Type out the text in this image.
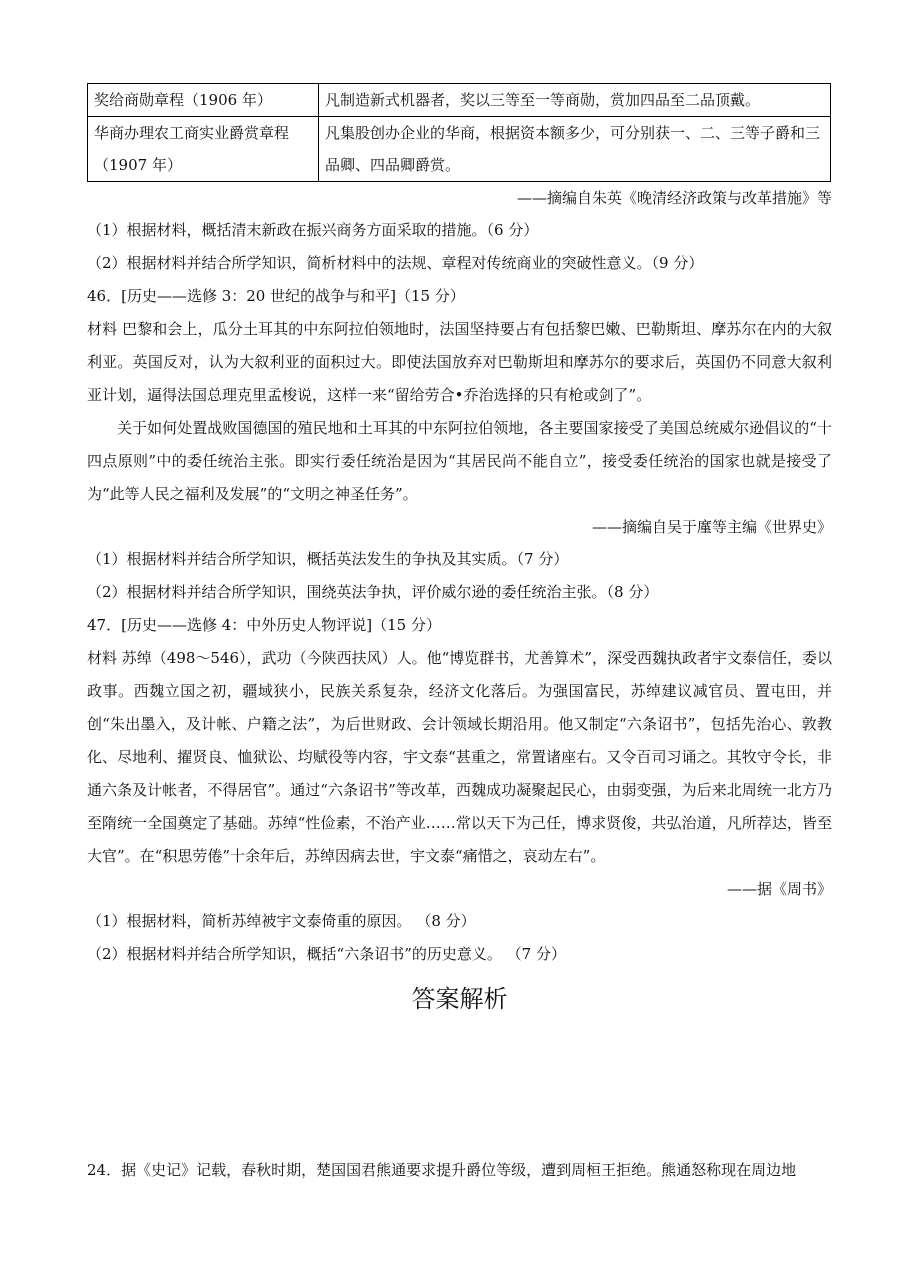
奖给商勋章程（1906 年）	凡制造新式机器者，奖以三等至一等商勋，赏加四品至二品顶戴。
华商办理农工商实业爵赏章程（1907 年）	凡集股创办企业的华商，根据资本额多少，可分别获一、二、三等子爵和三品卿、四品卿爵赏。
——摘编自朱英《晚清经济政策与改革措施》等
（1）根据材料，概括清末新政在振兴商务方面采取的措施。（6 分）
（2）根据材料并结合所学知识，简析材料中的法规、章程对传统商业的突破性意义。（9 分）
46．[历史——选修 3：20 世纪的战争与和平]（15 分）

材料 巴黎和会上，瓜分土耳其的中东阿拉伯领地时，法国坚持要占有包括黎巴嫩、巴勒斯坦、摩苏尔在内的大叙利亚。英国反对，认为大叙利亚的面积过大。即使法国放弃对巴勒斯坦和摩苏尔的要求后，英国仍不同意大叙利亚计划，逼得法国总理克里孟梭说，这样一来“留给劳合•乔治选择的只有枪或剑了”。

关于如何处置战败国德国的殖民地和土耳其的中东阿拉伯领地，各主要国家接受了美国总统威尔逊倡议的“十四点原则”中的委任统治主张。即实行委任统治是因为“其居民尚不能自立”，接受委任统治的国家也就是接受了为“此等人民之福利及发展”的“文明之神圣任务”。

——摘编自吴于廑等主编《世界史》
（1）根据材料并结合所学知识，概括英法发生的争执及其实质。（7 分）
（2）根据材料并结合所学知识，围绕英法争执，评价威尔逊的委任统治主张。（8 分）
47．[历史——选修 4：中外历史人物评说]（15 分）

材料 苏绰（498～546），武功（今陕西扶风）人。他“博览群书，尤善算术”，深受西魏执政者宇文泰信任，委以政事。西魏立国之初，疆域狭小，民族关系复杂，经济文化落后。为强国富民，苏绰建议减官员、置屯田，并创“朱出墨入，及计帐、户籍之法”，为后世财政、会计领域长期沿用。他又制定“六条诏书”，包括先治心、敦教化、尽地利、擢贤良、恤狱讼、均赋役等内容，宇文泰“甚重之，常置诸座右。又令百司习诵之。其牧守令长，非通六条及计帐者，不得居官”。通过“六条诏书”等改革，西魏成功凝聚起民心，由弱变强，为后来北周统一北方乃至隋统一全国奠定了基础。苏绰“性俭素，不治产业……常以天下为己任，博求贤俊，共弘治道，凡所荐达，皆至大官”。在“积思劳倦”十余年后，苏绰因病去世，宇文泰“痛惜之，哀动左右”。

——据《周书》
（1）根据材料，简析苏绰被宇文泰倚重的原因。 （8 分）
（2）根据材料并结合所学知识，概括“六条诏书”的历史意义。 （7 分）
答案解析
24．据《史记》记载，春秋时期，楚国国君熊通要求提升爵位等级，遭到周桓王拒绝。熊通怒称现在周边地
